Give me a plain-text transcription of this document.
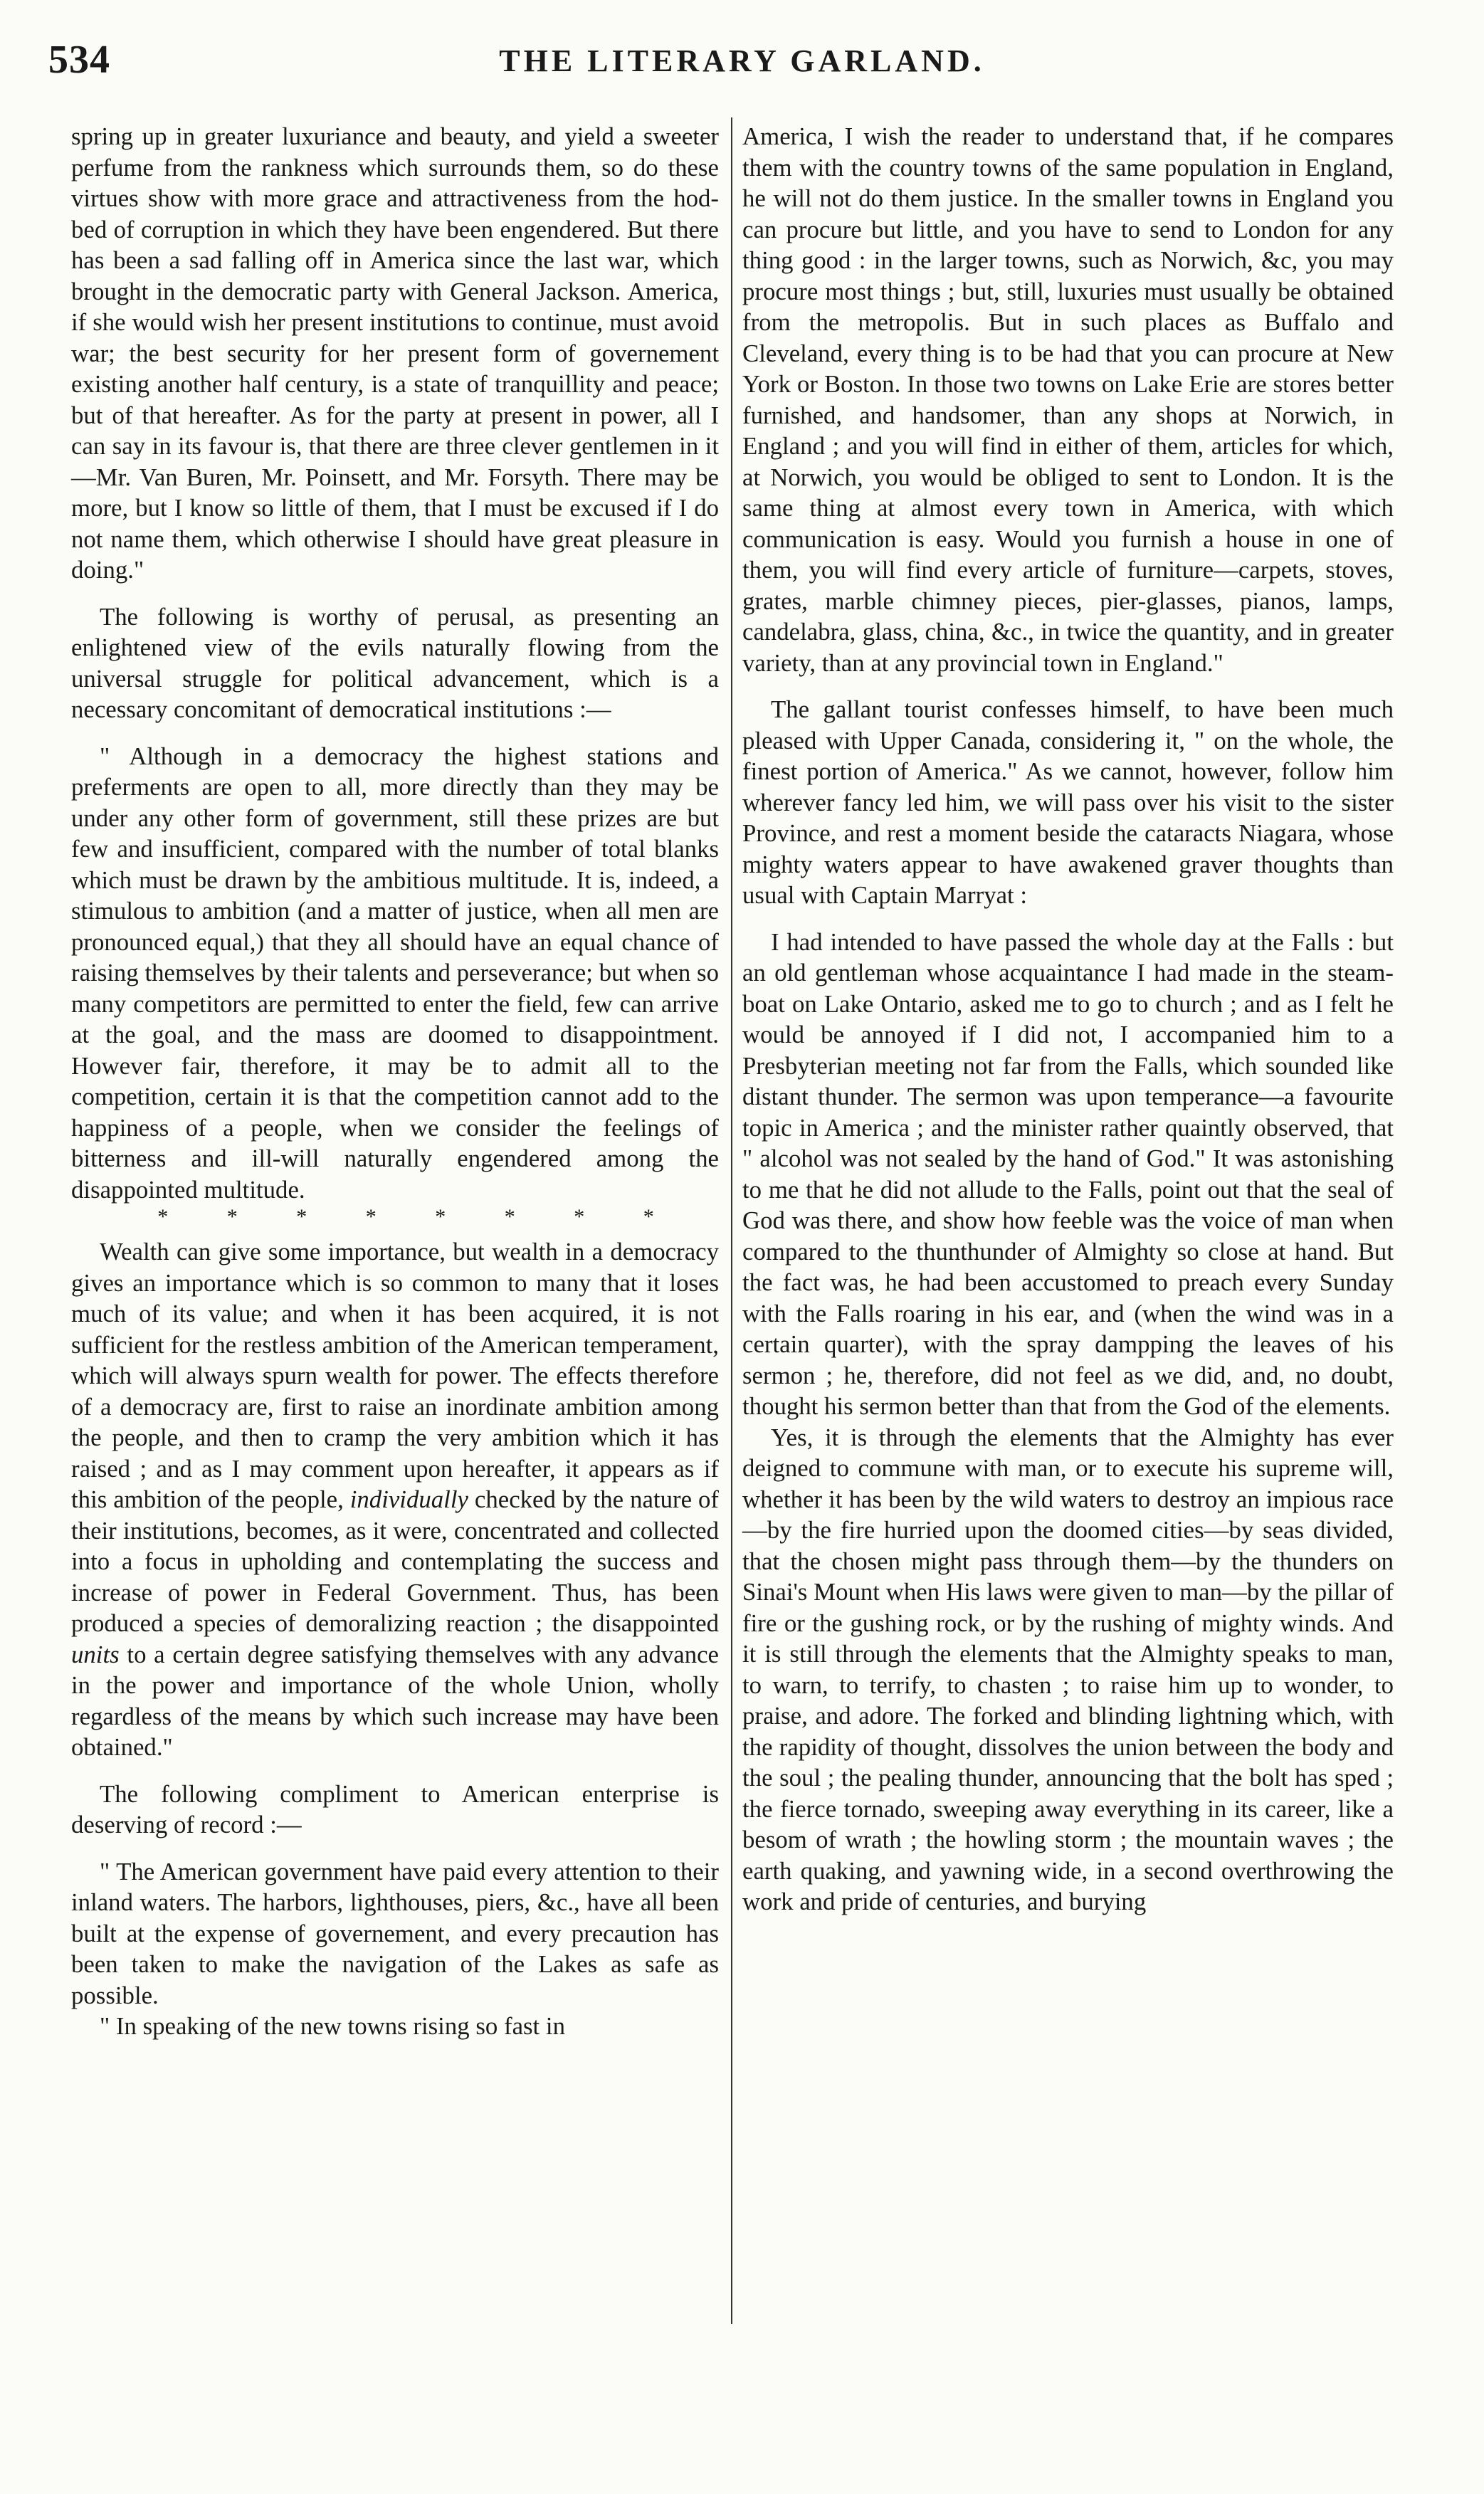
534	THE LITERARY GARLAND.

spring up in greater luxuriance and beauty, and yield a sweeter perfume from the rankness which surrounds them, so do these virtues show with more grace and attractiveness from the hod-bed of corruption in which they have been engendered. But there has been a sad falling off in America since the last war, which brought in the democratic party with General Jackson. America, if she would wish her present institutions to continue, must avoid war; the best security for her present form of governement existing another half century, is a state of tranquillity and peace; but of that hereafter. As for the party at present in power, all I can say in its favour is, that there are three clever gentlemen in it—Mr. Van Buren, Mr. Poinsett, and Mr. Forsyth. There may be more, but I know so little of them, that I must be excused if I do not name them, which otherwise I should have great pleasure in doing."

The following is worthy of perusal, as presenting an enlightened view of the evils naturally flowing from the universal struggle for political advancement, which is a necessary concomitant of democratical institutions :—

" Although in a democracy the highest stations and preferments are open to all, more directly than they may be under any other form of government, still these prizes are but few and insufficient, compared with the number of total blanks which must be drawn by the ambitious multitude. It is, indeed, a stimulous to ambition (and a matter of justice, when all men are pronounced equal,) that they all should have an equal chance of raising themselves by their talents and perseverance; but when so many competitors are permitted to enter the field, few can arrive at the goal, and the mass are doomed to disappointment. However fair, therefore, it may be to admit all to the competition, certain it is that the competition cannot add to the happiness of a people, when we consider the feelings of bitterness and ill-will naturally engendered among the disappointed multitude.

*	*	*	*	*	*	*	*

Wealth can give some importance, but wealth in a democracy gives an importance which is so common to many that it loses much of its value; and when it has been acquired, it is not sufficient for the restless ambition of the American temperament, which will always spurn wealth for power. The effects therefore of a democracy are, first to raise an inordinate ambition among the people, and then to cramp the very ambition which it has raised ; and as I may comment upon hereafter, it appears as if this ambition of the people, individually checked by the nature of their institutions, becomes, as it were, concentrated and collected into a focus in upholding and contemplating the success and increase of power in Federal Government. Thus, has been produced a species of demoralizing reaction ; the disappointed units to a certain degree satisfying themselves with any advance in the power and importance of the whole Union, wholly regardless of the means by which such increase may have been obtained."

The following compliment to American enterprise is deserving of record :—

" The American government have paid every attention to their inland waters. The harbors, lighthouses, piers, &c., have all been built at the expense of governement, and every precaution has been taken to make the navigation of the Lakes as safe as possible.

" In speaking of the new towns rising so fast in

America, I wish the reader to understand that, if he compares them with the country towns of the same population in England, he will not do them justice. In the smaller towns in England you can procure but little, and you have to send to London for any thing good : in the larger towns, such as Norwich, &c, you may procure most things ; but, still, luxuries must usually be obtained from the metropolis. But in such places as Buffalo and Cleveland, every thing is to be had that you can procure at New York or Boston. In those two towns on Lake Erie are stores better furnished, and handsomer, than any shops at Norwich, in England ; and you will find in either of them, articles for which, at Norwich, you would be obliged to sent to London. It is the same thing at almost every town in America, with which communication is easy. Would you furnish a house in one of them, you will find every article of furniture—carpets, stoves, grates, marble chimney pieces, pier-glasses, pianos, lamps, candelabra, glass, china, &c., in twice the quantity, and in greater variety, than at any provincial town in England."

The gallant tourist confesses himself, to have been much pleased with Upper Canada, considering it, " on the whole, the finest portion of America." As we cannot, however, follow him wherever fancy led him, we will pass over his visit to the sister Province, and rest a moment beside the cataracts Niagara, whose mighty waters appear to have awakened graver thoughts than usual with Captain Marryat :

I had intended to have passed the whole day at the Falls : but an old gentleman whose acquaintance I had made in the steam-boat on Lake Ontario, asked me to go to church ; and as I felt he would be annoyed if I did not, I accompanied him to a Presbyterian meeting not far from the Falls, which sounded like distant thunder. The sermon was upon temperance—a favourite topic in America ; and the minister rather quaintly observed, that " alcohol was not sealed by the hand of God." It was astonishing to me that he did not allude to the Falls, point out that the seal of God was there, and show how feeble was the voice of man when compared to the thunthunder of Almighty so close at hand. But the fact was, he had been accustomed to preach every Sunday with the Falls roaring in his ear, and (when the wind was in a certain quarter), with the spray dampping the leaves of his sermon ; he, therefore, did not feel as we did, and, no doubt, thought his sermon better than that from the God of the elements.

Yes, it is through the elements that the Almighty has ever deigned to commune with man, or to execute his supreme will, whether it has been by the wild waters to destroy an impious race—by the fire hurried upon the doomed cities—by seas divided, that the chosen might pass through them—by the thunders on Sinai's Mount when His laws were given to man—by the pillar of fire or the gushing rock, or by the rushing of mighty winds. And it is still through the elements that the Almighty speaks to man, to warn, to terrify, to chasten ; to raise him up to wonder, to praise, and adore. The forked and blinding lightning which, with the rapidity of thought, dissolves the union between the body and the soul ; the pealing thunder, announcing that the bolt has sped ; the fierce tornado, sweeping away everything in its career, like a besom of wrath ; the howling storm ; the mountain waves ; the earth quaking, and yawning wide, in a second overthrowing the work and pride of centuries, and burying
